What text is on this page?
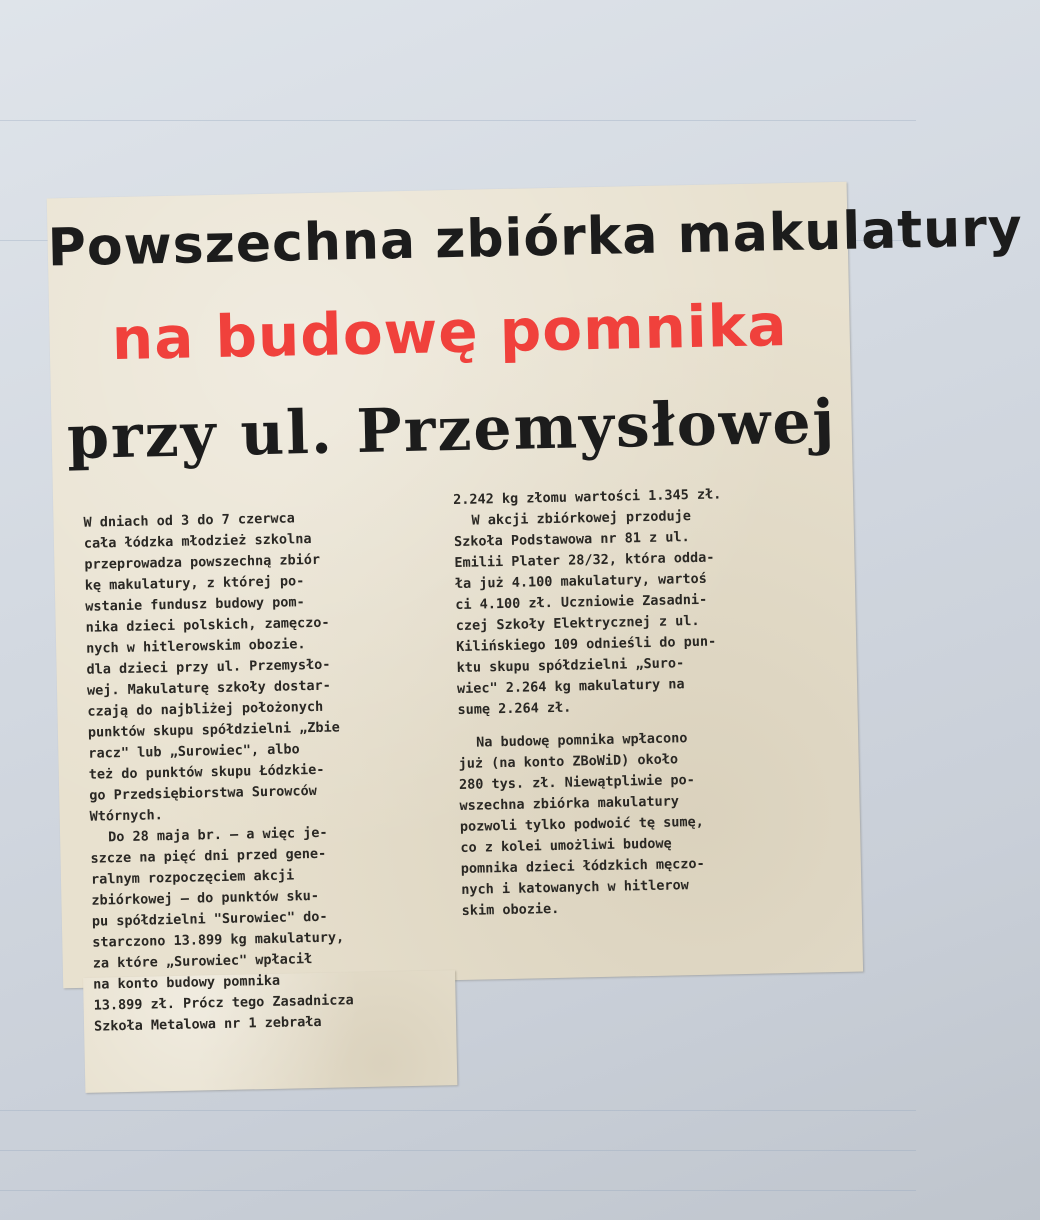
Powszechna zbiórka makulatury
na budowę pomnika
przy ul. Przemysłowej

W dniach od 3 do 7 czerwca

cała łódzka młodzież szkolna

przeprowadza powszechną zbiór

kę makulatury, z której po-

wstanie fundusz budowy pom-

nika dzieci polskich, zamęczo-

nych w hitlerowskim obozie.

dla dzieci przy ul. Przemysło-

wej. Makulaturę szkoły dostar-

czają do najbliżej położonych

punktów skupu spółdzielni „Zbie

racz" lub „Surowiec", albo

też do punktów skupu Łódzkie-

go Przedsiębiorstwa Surowców

Wtórnych.

Do 28 maja br. — a więc je-

szcze na pięć dni przed gene-

ralnym rozpoczęciem akcji

zbiórkowej — do punktów sku-

pu spółdzielni "Surowiec" do-

starczono 13.899 kg makulatury,

za które „Surowiec" wpłacił

na konto budowy pomnika

13.899 zł. Prócz tego Zasadnicza

Szkoła Metalowa nr 1 zebrała

2.242 kg złomu wartości 1.345 zł.

W akcji zbiórkowej przoduje

Szkoła Podstawowa nr 81 z ul.

Emilii Plater 28/32, która odda-

ła już 4.100 makulatury, wartoś

ci 4.100 zł. Uczniowie Zasadni-

czej Szkoły Elektrycznej z ul.

Kilińskiego 109 odnieśli do pun-

ktu skupu spółdzielni „Suro-

wiec" 2.264 kg makulatury na

sumę 2.264 zł.

Na budowę pomnika wpłacono

już (na konto ZBoWiD) około

280 tys. zł. Niewątpliwie po-

wszechna zbiórka makulatury

pozwoli tylko podwoić tę sumę,

co z kolei umożliwi budowę

pomnika dzieci łódzkich męczo-

nych i katowanych w hitlerow

skim obozie.
